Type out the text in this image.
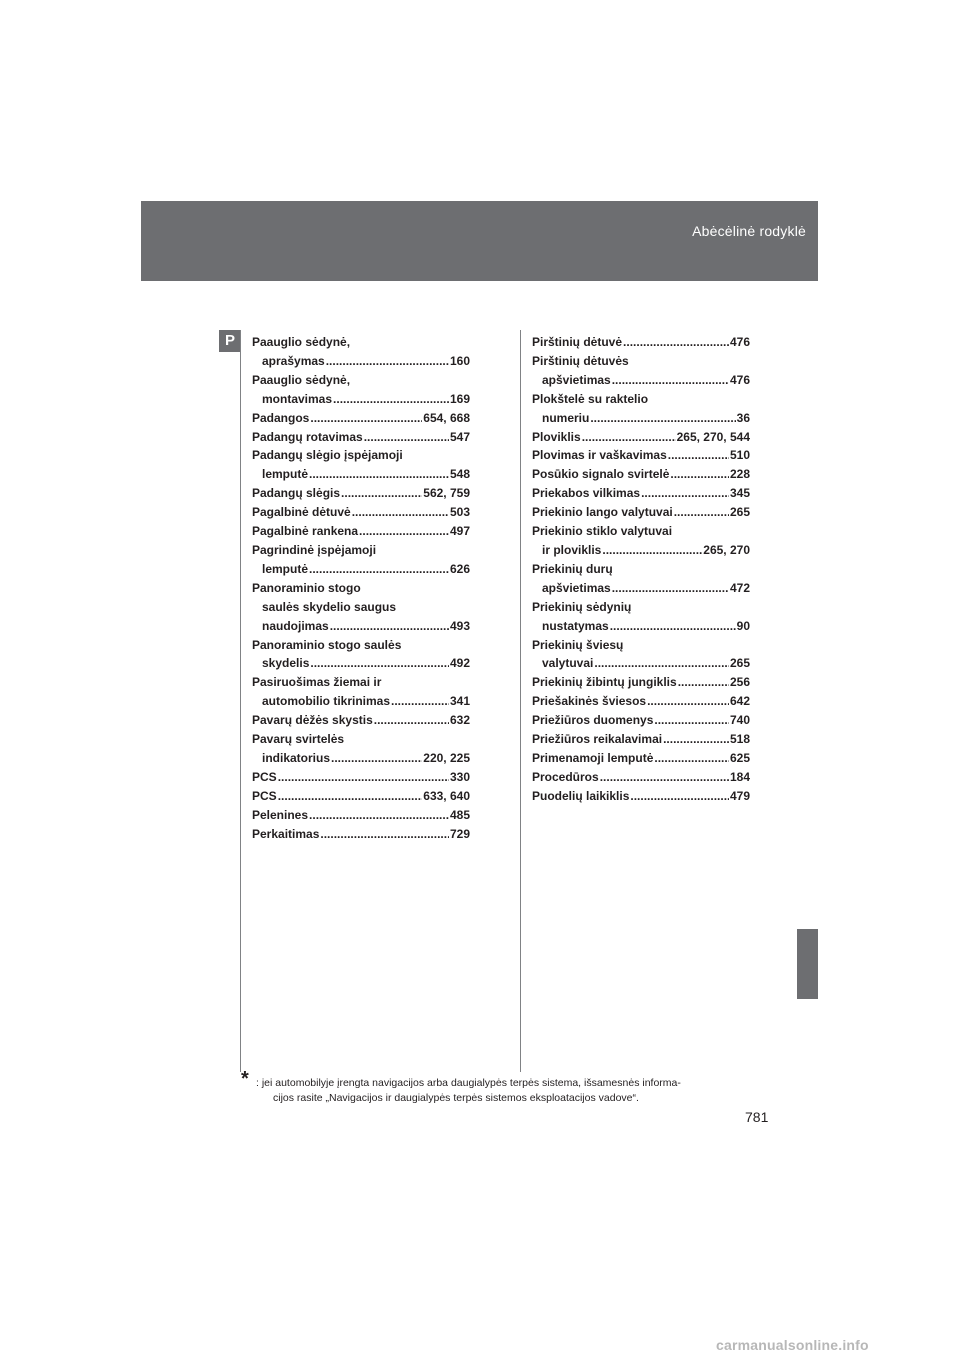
Abėcėlinė rodyklė
P	Paauglio sėdynė,
aprašymas .....	160
Paauglio sėdynė,
montavimas .....	169
Padangos .....	654, 668
Padangų rotavimas .....	547
Padangų slėgio įspėjamoji
lemputė .....	548
Padangų slėgis .....	562, 759
Pagalbinė dėtuvė .....	503
Pagalbinė rankena .....	497
Pagrindinė įspėjamoji
lemputė .....	626
Panoraminio stogo
saulės skydelio saugus
naudojimas .....	493
Panoraminio stogo saulės
skydelis .....	492
Pasiruošimas žiemai ir
automobilio tikrinimas .....	341
Pavarų dėžės skystis .....	632
Pavarų svirtelės
indikatorius .....	220, 225
PCS .....	330
PCS .....	633, 640
Pelenines .....	485
Perkaitimas .....	729
Pirštinių dėtuvė .....	476
Pirštinių dėtuvės
apšvietimas .....	476
Plokštelė su raktelio
numeriu .....	36
Ploviklis .....	265, 270, 544
Plovimas ir vaškavimas .....	510
Posūkio signalo svirtelė .....	228
Priekabos vilkimas .....	345
Priekinio lango valytuvai .....	265
Priekinio stiklo valytuvai
ir ploviklis .....	265, 270
Priekinių durų
apšvietimas .....	472
Priekinių sėdynių
nustatymas .....	90
Priekinių šviesų
valytuvai .....	265
Priekinių žibintų jungiklis .....	256
Priešakinės šviesos .....	642
Priežiūros duomenys .....	740
Priežiūros reikalavimai .....	518
Primenamoji lemputė .....	625
Procedūros .....	184
Puodelių laikiklis .....	479
* : jei automobilyje įrengta navigacijos arba daugialypės terpės sistema, išsamesnės informa-
cijos rasite „Navigacijos ir daugialypės terpės sistemos eksploatacijos vadove“.
781
carmanualsonline.info
